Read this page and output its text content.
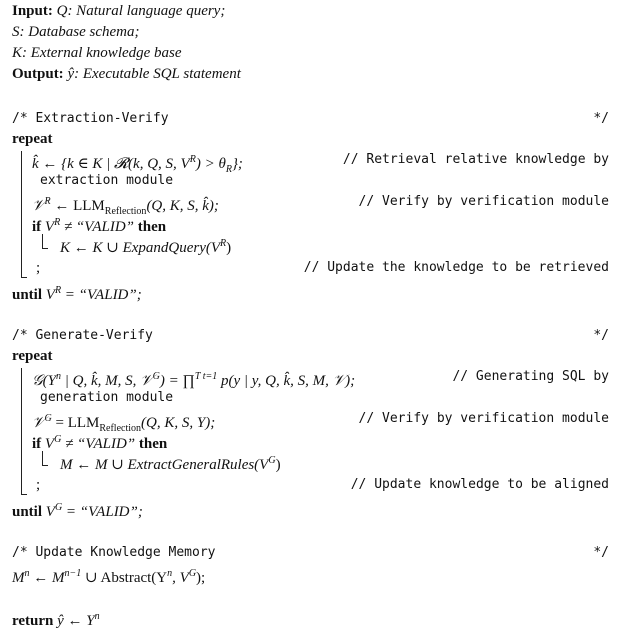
Input: Q: Natural language query;
S: Database schema;
K: External knowledge base
Output: ŷ: Executable SQL statement
/* Extraction-Verify	*/
repeat
k̂ ← {k ∈ K | 𝓡(k, Q, S, $V^R) > \theta_R$};	// Retrieval relative knowledge by
extraction module
𝒱$^R$ ← $LLM_{Reflection}(Q$, K, S, k̂);	// Verify by verification module
if $V^R$ ≠ “VALID” then
K ← K ∪ $ExpandQuery(V^R)$
;	// Update the knowledge to be retrieved
until $V^R$ = “VALID”;
/* Generate-Verify	*/
repeat
$𝒢(Y^n$ | Q, k̂, M, S, 𝒱$^G$) = ∏$^{T t=1}$ p(y | y, Q, k̂, S, M, 𝒱);	// Generating SQL by
generation module
𝒱$^G$ = $LLM_{Reflection}(Q$, K, S, Y);	// Verify by verification module
if $V^G$ ≠ “VALID” then
M ← M ∪ $ExtractGeneralRules(V^G)$
;	// Update knowledge to be aligned
until $V^G$ = “VALID”;
/* Update Knowledge Memory	*/
$M^n$ ← $M^{n-1}$ ∪ $Abstract(Y^n$, $V^G$);
return ŷ ← $Y^n$
